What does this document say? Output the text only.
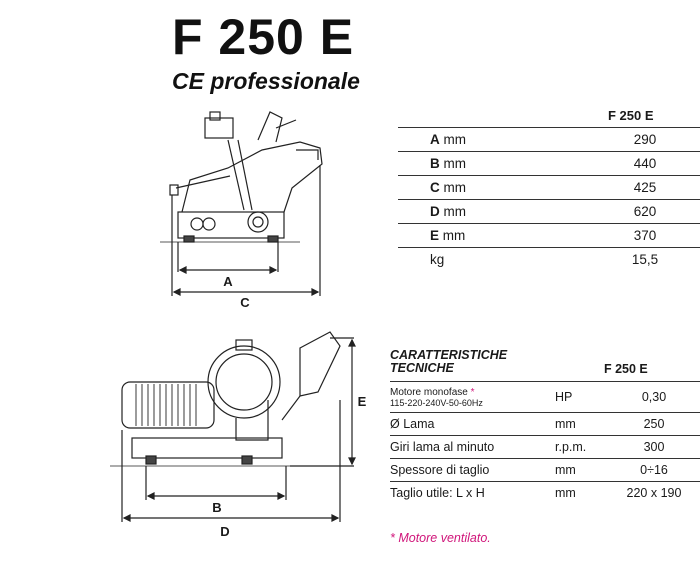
F 250 E
CE professionale
A
C
B
D
E
F 250 E
A mm	290
B mm	440
C mm	425
D mm	620
E mm	370
kg	15,5
CARATTERISTICHE
TECNICHE	F 250 E
Motore monofase *
115-220-240V-50-60Hz	HP	0,30
Ø Lama	mm	250
Giri lama al minuto	r.p.m.	300
Spessore di taglio	mm	0÷16
Taglio utile: L x H	mm	220 x 190
* Motore ventilato.
